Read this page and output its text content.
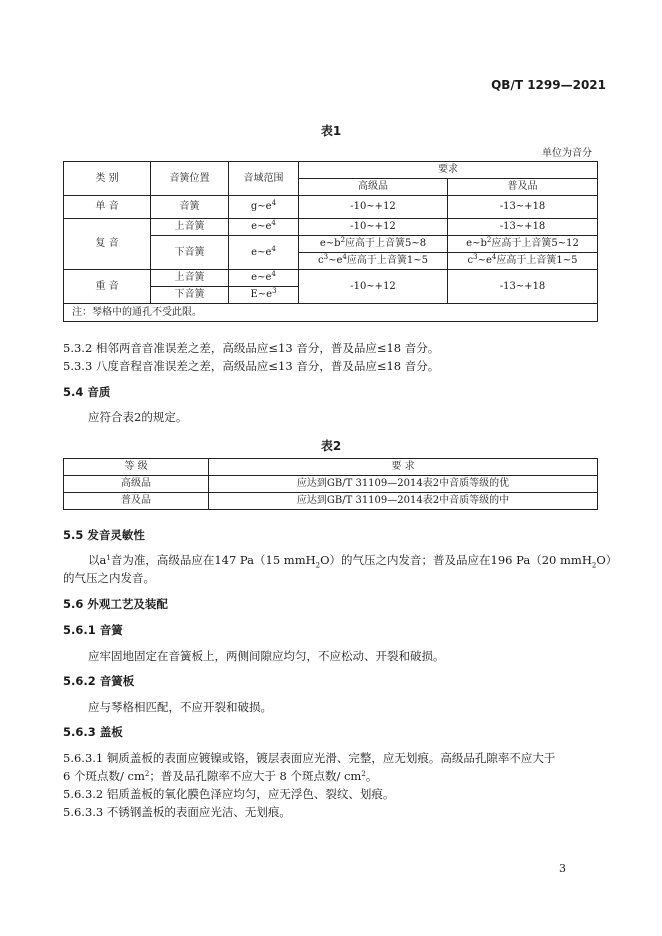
QB/T 1299—2021
表1
单位为音分
类 别	音簧位置	音域范围	要求	
			高级品	普及品
单 音	音簧	$g\sim e^4$	-10~+12	-13~+18
复 音	上音簧	$e\sim e^4$	-10~+12	-13~+18
	下音簧	$e\sim e^4$	$e\sim b^2$应高于上音簧5~8	$e\sim b^2$应高于上音簧5~12
			$c^3\sim e^4$应高于上音簧1~5	$c^3\sim e^4$应高于上音簧1~5
重 音	上音簧	$e\sim e^4$	-10~+12	-13~+18
	下音簧	$E\sim e^3$
注：琴格中的通孔不受此限。				
5.3.2 相邻两音音准误差之差，高级品应≤13 音分，普及品应≤18 音分。
5.3.3 八度音程音准误差之差，高级品应≤13 音分，普及品应≤18 音分。
5.4 音质
应符合表2的规定。
表2
等 级	要 求
高级品	应达到GB/T 31109—2014表2中音质等级的优
普及品	应达到GB/T 31109—2014表2中音质等级的中
5.5 发音灵敏性
以$a^1$音为准，高级品应在147 Pa（15 mmH$_2$O）的气压之内发音；普及品应在196 Pa（20 mmH$_2$O）
的气压之内发音。
5.6 外观工艺及装配
5.6.1 音簧
应牢固地固定在音簧板上，两侧间隙应均匀，不应松动、开裂和破损。
5.6.2 音簧板
应与琴格相匹配，不应开裂和破损。
5.6.3 盖板
5.6.3.1 铜质盖板的表面应镀镍或铬，镀层表面应光滑、完整，应无划痕。高级品孔隙率不应大于
6 个斑点数/ $cm^2$；普及品孔隙率不应大于 8 个斑点数/ $cm^2$。
5.6.3.2 铝质盖板的氧化膜色泽应均匀，应无浮色、裂纹、划痕。
5.6.3.3 不锈钢盖板的表面应光洁、无划痕。
3
